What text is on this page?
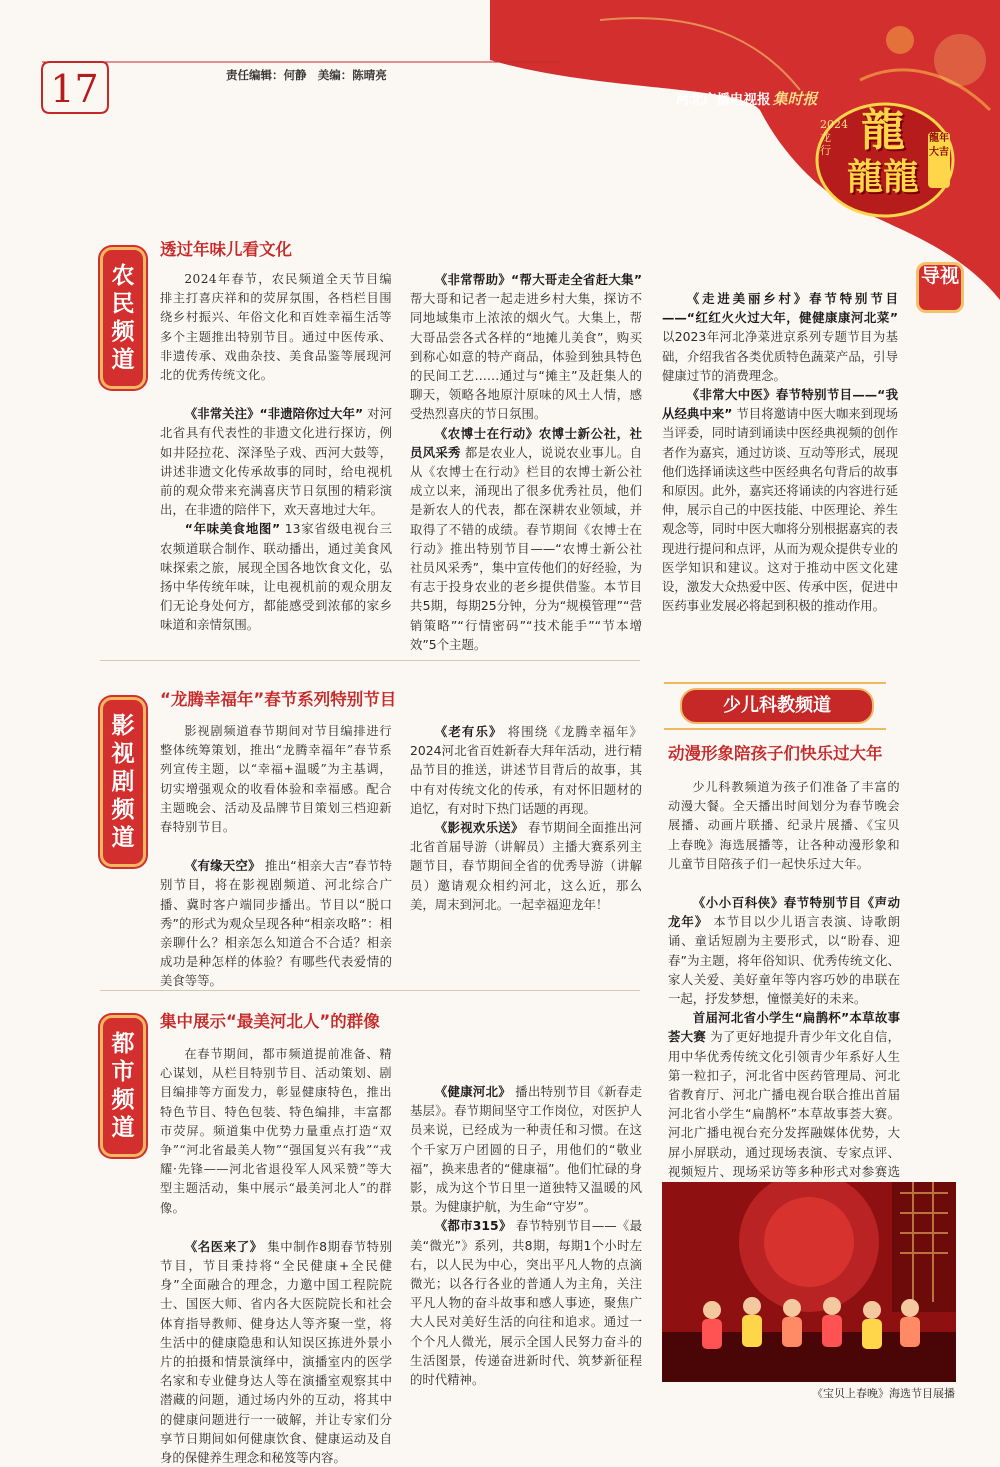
17	责任编辑：何静 美编：陈晴亮
河北广播电视报 集时报
龍
龍龍
2024龙行
龍年大吉
导视
农
民
频
道
透过年味儿看文化

2024年春节，农民频道全天节目编排主打喜庆祥和的荧屏氛围，各档栏目围绕乡村振兴、年俗文化和百姓幸福生活等多个主题推出特别节目。通过中医传承、非遗传承、戏曲杂技、美食品鉴等展现河北的优秀传统文化。

《非常关注》“非遗陪你过大年” 对河北省具有代表性的非遗文化进行探访，例如井陉拉花、深泽坠子戏、西河大鼓等，讲述非遗文化传承故事的同时，给电视机前的观众带来充满喜庆节日氛围的精彩演出，在非遗的陪伴下，欢天喜地过大年。

“年味美食地图” 13家省级电视台三农频道联合制作、联动播出，通过美食风味探索之旅，展现全国各地饮食文化，弘扬中华传统年味，让电视机前的观众朋友们无论身处何方，都能感受到浓郁的家乡味道和亲情氛围。

《非常帮助》“帮大哥走全省赶大集” 帮大哥和记者一起走进乡村大集，探访不同地域集市上浓浓的烟火气。大集上，帮大哥品尝各式各样的“地摊儿美食”，购买到称心如意的特产商品，体验到独具特色的民间工艺……通过与“摊主”及赶集人的聊天，领略各地原汁原味的风土人情，感受热烈喜庆的节日氛围。

《农博士在行动》农博士新公社，社员风采秀 都是农业人，说说农业事儿。自从《农博士在行动》栏目的农博士新公社成立以来，涌现出了很多优秀社员，他们是新农人的代表，都在深耕农业领域，并取得了不错的成绩。春节期间《农博士在行动》推出特别节目——“农博士新公社 社员风采秀”，集中宣传他们的好经验，为有志于投身农业的老乡提供借鉴。本节目共5期，每期25分钟，分为“规模管理”“营销策略”“行情密码”“技术能手”“节本增效”5个主题。

《走进美丽乡村》春节特别节目——“红红火火过大年，健健康康河北菜” 以2023年河北净菜进京系列专题节目为基础，介绍我省各类优质特色蔬菜产品，引导健康过节的消费理念。

《非常大中医》春节特别节目——“我从经典中来” 节目将邀请中医大咖来到现场当评委，同时请到诵读中医经典视频的创作者作为嘉宾，通过访谈、互动等形式，展现他们选择诵读这些中医经典名句背后的故事和原因。此外，嘉宾还将诵读的内容进行延伸，展示自己的中医技能、中医理论、养生观念等，同时中医大咖将分别根据嘉宾的表现进行提问和点评，从而为观众提供专业的医学知识和建议。这对于推动中医文化建设，激发大众热爱中医、传承中医，促进中医药事业发展必将起到积极的推动作用。

影
视
剧
频
道
“龙腾幸福年”春节系列特别节目

影视剧频道春节期间对节目编排进行整体统筹策划，推出“龙腾幸福年”春节系列宣传主题，以“幸福+温暖”为主基调，切实增强观众的收看体验和幸福感。配合主题晚会、活动及品牌节目策划三档迎新春特别节目。

《有缘天空》 推出“相亲大吉”春节特别节目，将在影视剧频道、河北综合广播、冀时客户端同步播出。节目以“脱口秀”的形式为观众呈现各种“相亲攻略”：相亲聊什么？相亲怎么知道合不合适？相亲成功是种怎样的体验？有哪些代表爱情的美食等等。

《老有乐》 将围绕《龙腾幸福年》2024河北省百姓新春大拜年活动，进行精品节目的推送，讲述节目背后的故事，其中有对传统文化的传承，有对怀旧题材的追忆，有对时下热门话题的再现。

《影视欢乐送》 春节期间全面推出河北省首届导游（讲解员）主播大赛系列主题节目，春节期间全省的优秀导游（讲解员）邀请观众相约河北，这么近，那么美，周末到河北。一起幸福迎龙年！

都
市
频
道
集中展示“最美河北人”的群像

在春节期间，都市频道提前准备、精心谋划，从栏目特别节目、活动策划、剧目编排等方面发力，彰显健康特色，推出特色节目、特色包装、特色编排，丰富都市荧屏。频道集中优势力量重点打造“双争”“河北省最美人物”“强国复兴有我”“戎耀·先锋——河北省退役军人风采赞”等大型主题活动，集中展示“最美河北人”的群像。

《名医来了》 集中制作8期春节特别节目，节目秉持将“全民健康+全民健身”全面融合的理念，力邀中国工程院院士、国医大师、省内各大医院院长和社会体育指导教师、健身达人等齐聚一堂，将生活中的健康隐患和认知误区拣进外景小片的拍摄和情景演绎中，演播室内的医学名家和专业健身达人等在演播室观察其中潜藏的问题，通过场内外的互动，将其中的健康问题进行一一破解，并让专家们分享节日期间如何健康饮食、健康运动及自身的保健养生理念和秘笈等内容。

《健康河北》 播出特别节目《新春走基层》。春节期间坚守工作岗位，对医护人员来说，已经成为一种责任和习惯。在这个千家万户团圆的日子，用他们的“敬业福”，换来患者的“健康福”。他们忙碌的身影，成为这个节日里一道独特又温暖的风景。为健康护航，为生命“守岁”。

《都市315》 春节特别节目——《最美“微光”》系列，共8期，每期1个小时左右，以人民为中心，突出平凡人物的点滴微光；以各行各业的普通人为主角，关注平凡人物的奋斗故事和感人事迹，聚焦广大人民对美好生活的向往和追求。通过一个个凡人微光，展示全国人民努力奋斗的生活图景，传递奋进新时代、筑梦新征程的时代精神。

少儿科教频道
动漫形象陪孩子们快乐过大年

少儿科教频道为孩子们准备了丰富的动漫大餐。全天播出时间划分为春节晚会展播、动画片联播、纪录片展播、《宝贝上春晚》海选展播等，让各种动漫形象和儿童节目陪孩子们一起快乐过大年。

《小小百科侠》春节特别节目《声动龙年》 本节目以少儿语言表演、诗歌朗诵、童话短剧为主要形式，以“盼春、迎春”为主题，将年俗知识、优秀传统文化、家人关爱、美好童年等内容巧妙的串联在一起，抒发梦想，憧憬美好的未来。

首届河北省小学生“扁鹊杯”本草故事荟大赛 为了更好地提升青少年文化自信，用中华优秀传统文化引领青少年系好人生第一粒扣子，河北省中医药管理局、河北省教育厅、河北广播电视台联合推出首届河北省小学生“扁鹊杯”本草故事荟大赛。河北广播电视台充分发挥融媒体优势，大屏小屏联动，通过现场表演、专家点评、视频短片、现场采访等多种形式对参赛选

《宝贝上春晚》海选节目展播
